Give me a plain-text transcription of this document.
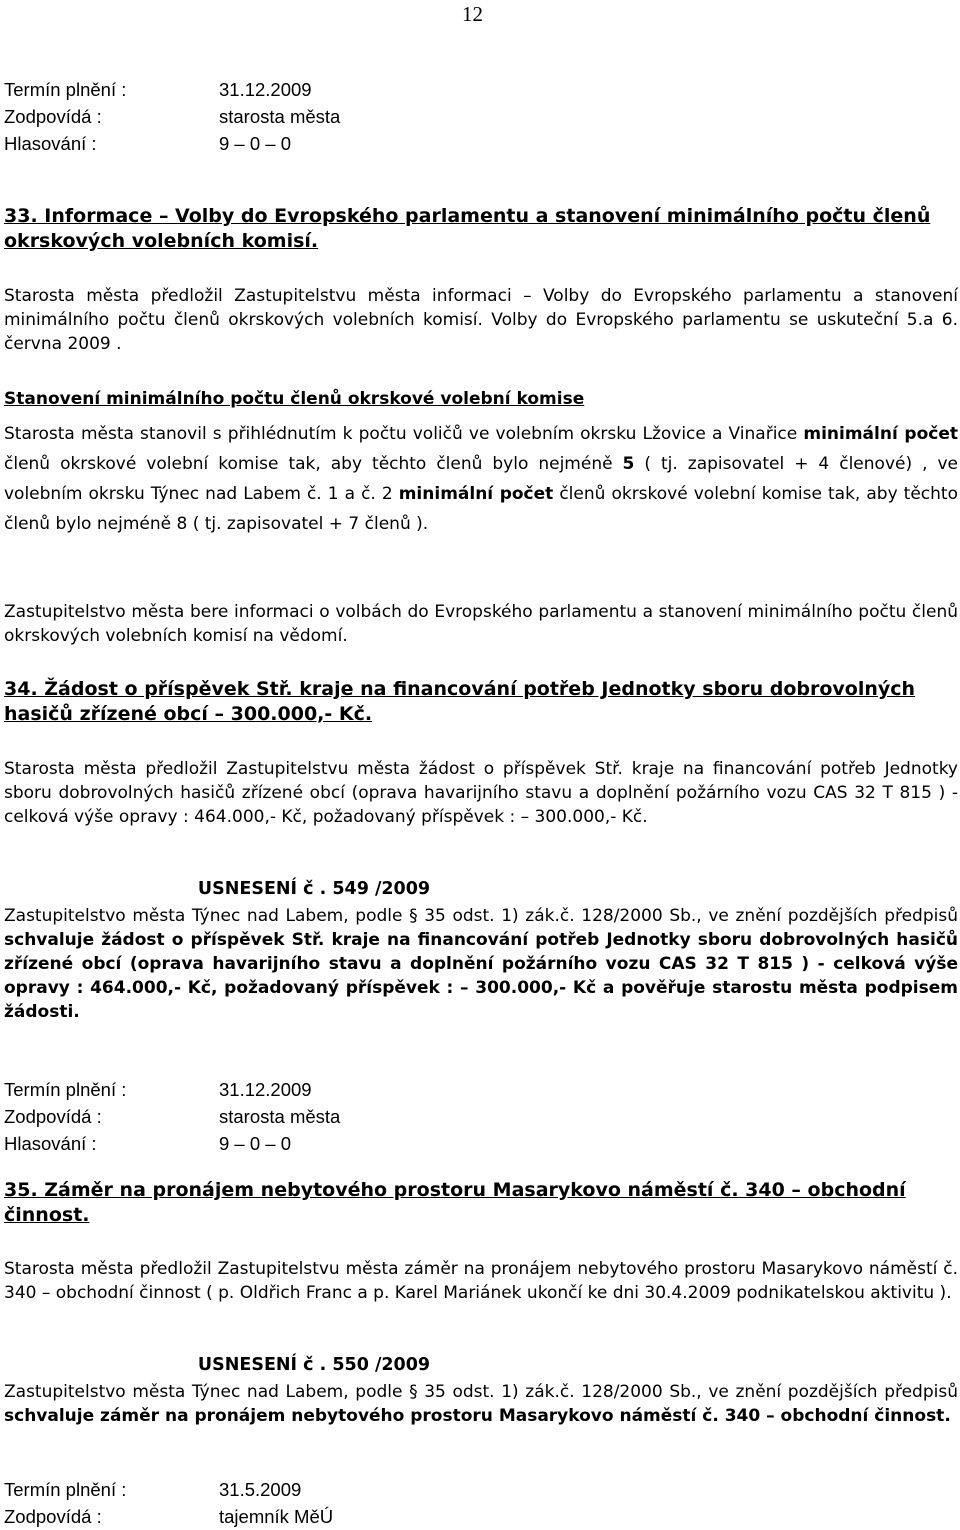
12
Termín plnění :	31.12.2009
Zodpovídá :	starosta města
Hlasování :	9 – 0 – 0
33. Informace – Volby do Evropského parlamentu a stanovení minimálního počtu členů okrskových volebních komisí.
Starosta města předložil Zastupitelstvu města informaci – Volby do Evropského parlamentu a stanovení minimálního počtu členů okrskových volebních komisí. Volby do Evropského parlamentu se uskuteční 5.a 6. června 2009 .
Stanovení minimálního počtu členů okrskové volební komise
Starosta města stanovil s přihlédnutím k počtu voličů ve volebním okrsku Lžovice a Vinařice minimální počet členů okrskové volební komise tak, aby těchto členů bylo nejméně 5 ( tj. zapisovatel + 4 členové) , ve volebním okrsku Týnec nad Labem č. 1 a č. 2 minimální počet členů okrskové volební komise tak, aby těchto členů bylo nejméně 8 ( tj. zapisovatel + 7 členů ).
Zastupitelstvo města bere informaci o volbách do Evropského parlamentu a stanovení minimálního počtu členů okrskových volebních komisí na vědomí.
34. Žádost o příspěvek Stř. kraje na financování potřeb Jednotky sboru dobrovolných hasičů zřízené obcí – 300.000,- Kč.
Starosta města předložil Zastupitelstvu města žádost o příspěvek Stř. kraje na financování potřeb Jednotky sboru dobrovolných hasičů zřízené obcí (oprava havarijního stavu a doplnění požárního vozu CAS 32 T 815 ) - celková výše opravy : 464.000,- Kč, požadovaný příspěvek : – 300.000,- Kč.
USNESENÍ č . 549 /2009
Zastupitelstvo města Týnec nad Labem, podle § 35 odst. 1) zák.č. 128/2000 Sb., ve znění pozdějších předpisů schvaluje žádost o příspěvek Stř. kraje na financování potřeb Jednotky sboru dobrovolných hasičů zřízené obcí (oprava havarijního stavu a doplnění požárního vozu CAS 32 T 815 ) - celková výše opravy : 464.000,- Kč, požadovaný příspěvek : – 300.000,- Kč a pověřuje starostu města podpisem žádosti.
Termín plnění :	31.12.2009
Zodpovídá :	starosta města
Hlasování :	9 – 0 – 0
35. Záměr na pronájem nebytového prostoru Masarykovo náměstí č. 340 – obchodní činnost.
Starosta města předložil Zastupitelstvu města záměr na pronájem nebytového prostoru Masarykovo náměstí č. 340 – obchodní činnost ( p. Oldřich Franc a p. Karel Mariánek ukončí ke dni 30.4.2009 podnikatelskou aktivitu ).
USNESENÍ č . 550 /2009
Zastupitelstvo města Týnec nad Labem, podle § 35 odst. 1) zák.č. 128/2000 Sb., ve znění pozdějších předpisů schvaluje záměr na pronájem nebytového prostoru Masarykovo náměstí č. 340 – obchodní činnost.
Termín plnění :	31.5.2009
Zodpovídá :	tajemník MěÚ
